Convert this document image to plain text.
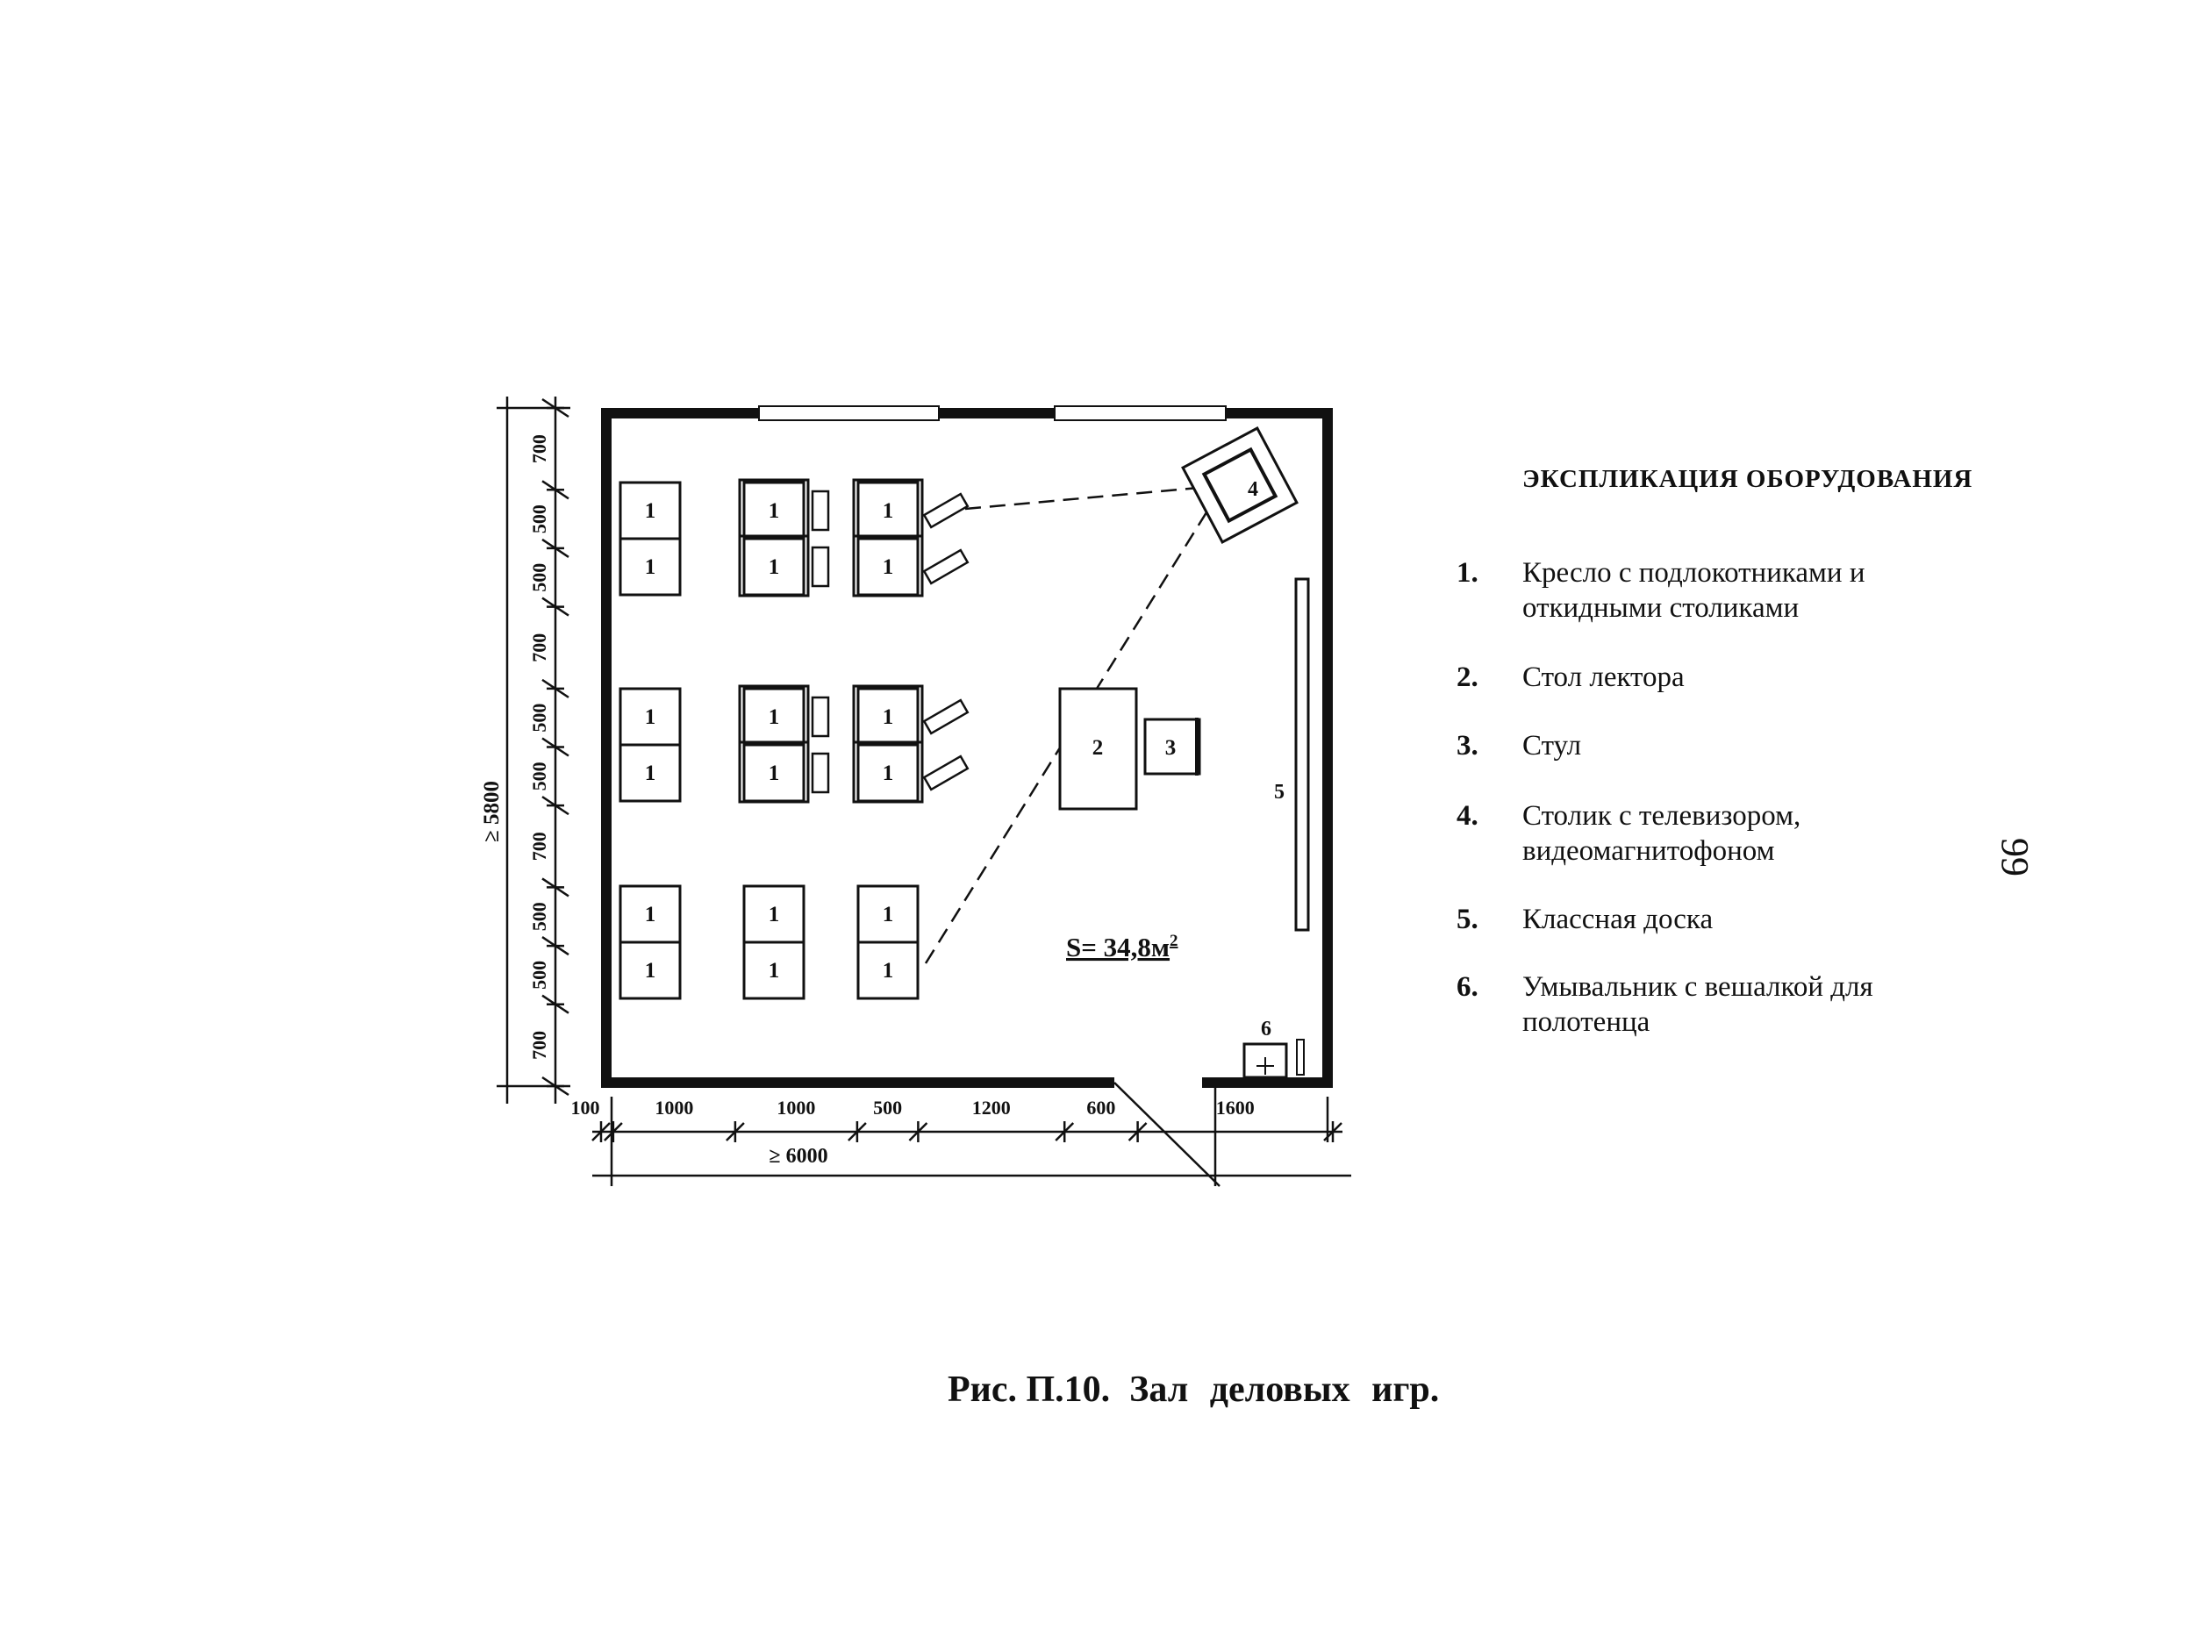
1
1
1
1
1
1
1
1
1
1
1
1
1
1
1
1
1
1
2	3
4
5
6
$S= 34,8м^2$
700
500
500
700
500
500
700
500
500
700
≥ 5800
100	1000	1000	500	1200	600	1600
≥ 6000
ЭКСПЛИКАЦИЯ ОБОРУДОВАНИЯ
1. Кресло с подлокотниками и откидными столиками
2. Стол лектора
3. Стул
4. Столик с телевизором, видеомагнитофоном
5. Классная доска
6. Умывальник с вешалкой для полотенца
Рис. П.10. Зал деловых игр.
99
